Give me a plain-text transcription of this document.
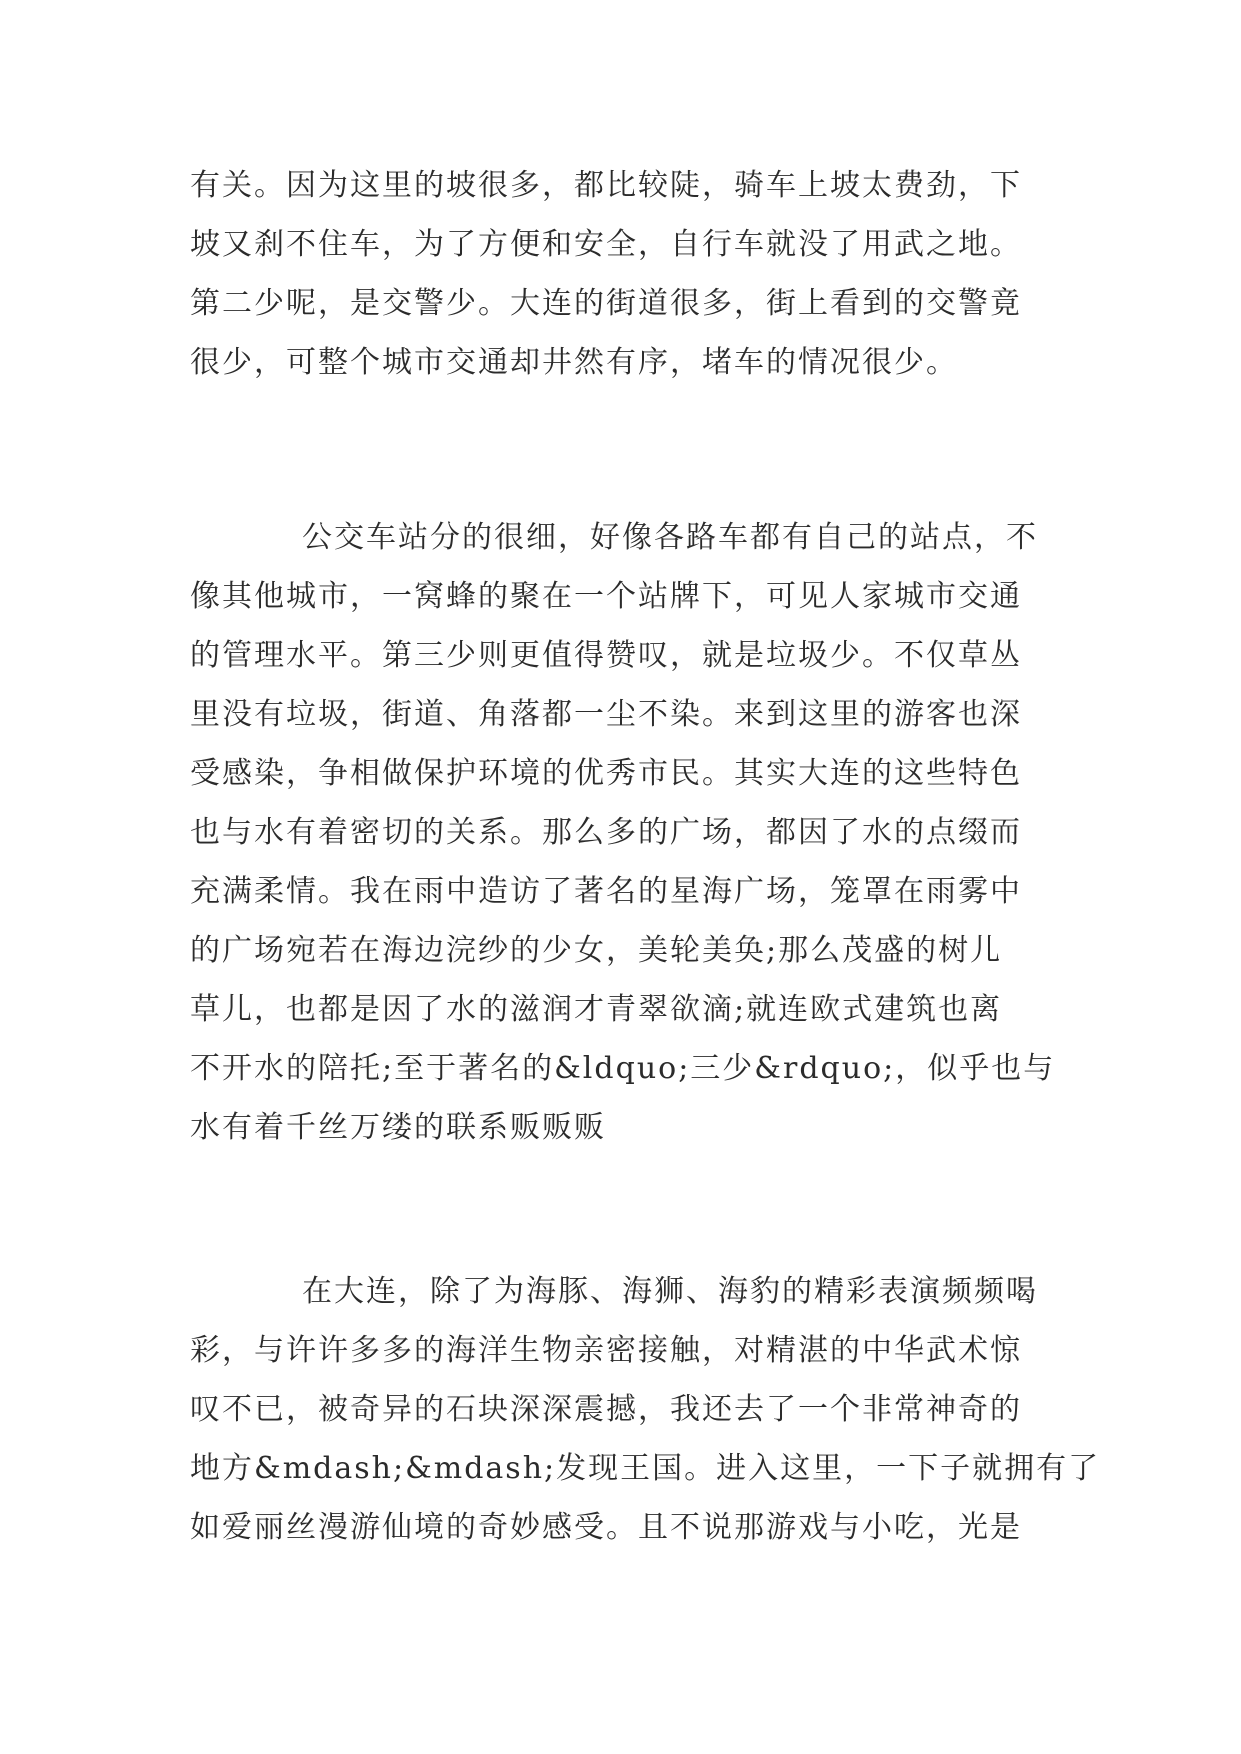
有关。因为这里的坡很多，都比较陡，骑车上坡太费劲，下
坡又刹不住车，为了方便和安全，自行车就没了用武之地。
第二少呢，是交警少。大连的街道很多，街上看到的交警竟
很少，可整个城市交通却井然有序，堵车的情况很少。
公交车站分的很细，好像各路车都有自己的站点，不
像其他城市，一窝蜂的聚在一个站牌下，可见人家城市交通
的管理水平。第三少则更值得赞叹，就是垃圾少。不仅草丛
里没有垃圾，街道、角落都一尘不染。来到这里的游客也深
受感染，争相做保护环境的优秀市民。其实大连的这些特色
也与水有着密切的关系。那么多的广场，都因了水的点缀而
充满柔情。我在雨中造访了著名的星海广场，笼罩在雨雾中
的广场宛若在海边浣纱的少女，美轮美奂;那么茂盛的树儿
草儿，也都是因了水的滋润才青翠欲滴;就连欧式建筑也离
不开水的陪托;至于著名的&ldquo;三少&rdquo;，似乎也与
水有着千丝万缕的联系贩贩贩
在大连，除了为海豚、海狮、海豹的精彩表演频频喝
彩，与许许多多的海洋生物亲密接触，对精湛的中华武术惊
叹不已，被奇异的石块深深震撼，我还去了一个非常神奇的
地方&mdash;&mdash;发现王国。进入这里，一下子就拥有了
如爱丽丝漫游仙境的奇妙感受。且不说那游戏与小吃，光是
